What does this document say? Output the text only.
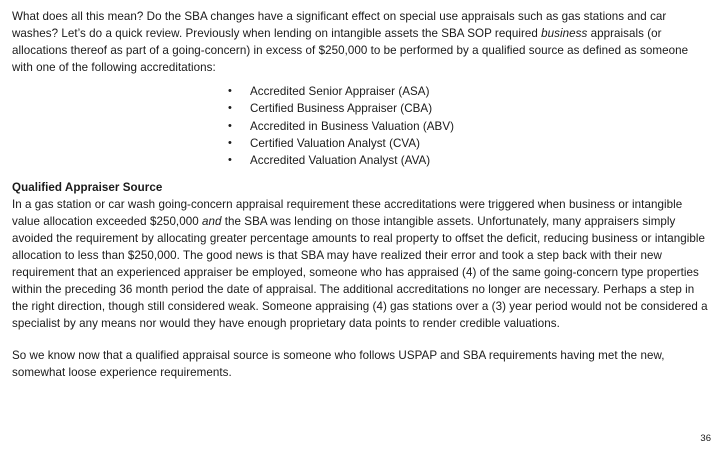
What does all this mean? Do the SBA changes have a significant effect on special use appraisals such as gas stations and car washes? Let’s do a quick review. Previously when lending on intangible assets the SBA SOP required business appraisals (or allocations thereof as part of a going-concern) in excess of $250,000 to be performed by a qualified source as defined as someone with one of the following accreditations:

• Accredited Senior Appraiser (ASA)
• Certified Business Appraiser (CBA)
• Accredited in Business Valuation (ABV)
• Certified Valuation Analyst (CVA)
• Accredited Valuation Analyst (AVA)

Qualified Appraiser Source

In a gas station or car wash going-concern appraisal requirement these accreditations were triggered when business or intangible value allocation exceeded $250,000 and the SBA was lending on those intangible assets. Unfortunately, many appraisers simply avoided the requirement by allocating greater percentage amounts to real property to offset the deficit, reducing business or intangible allocation to less than $250,000. The good news is that SBA may have realized their error and took a step back with their new requirement that an experienced appraiser be employed, someone who has appraised (4) of the same going-concern type properties within the preceding 36 month period the date of appraisal. The additional accreditations no longer are necessary. Perhaps a step in the right direction, though still considered weak. Someone appraising (4) gas stations over a (3) year period would not be considered a specialist by any means nor would they have enough proprietary data points to render credible valuations.

So we know now that a qualified appraisal source is someone who follows USPAP and SBA requirements having met the new, somewhat loose experience requirements.

36
